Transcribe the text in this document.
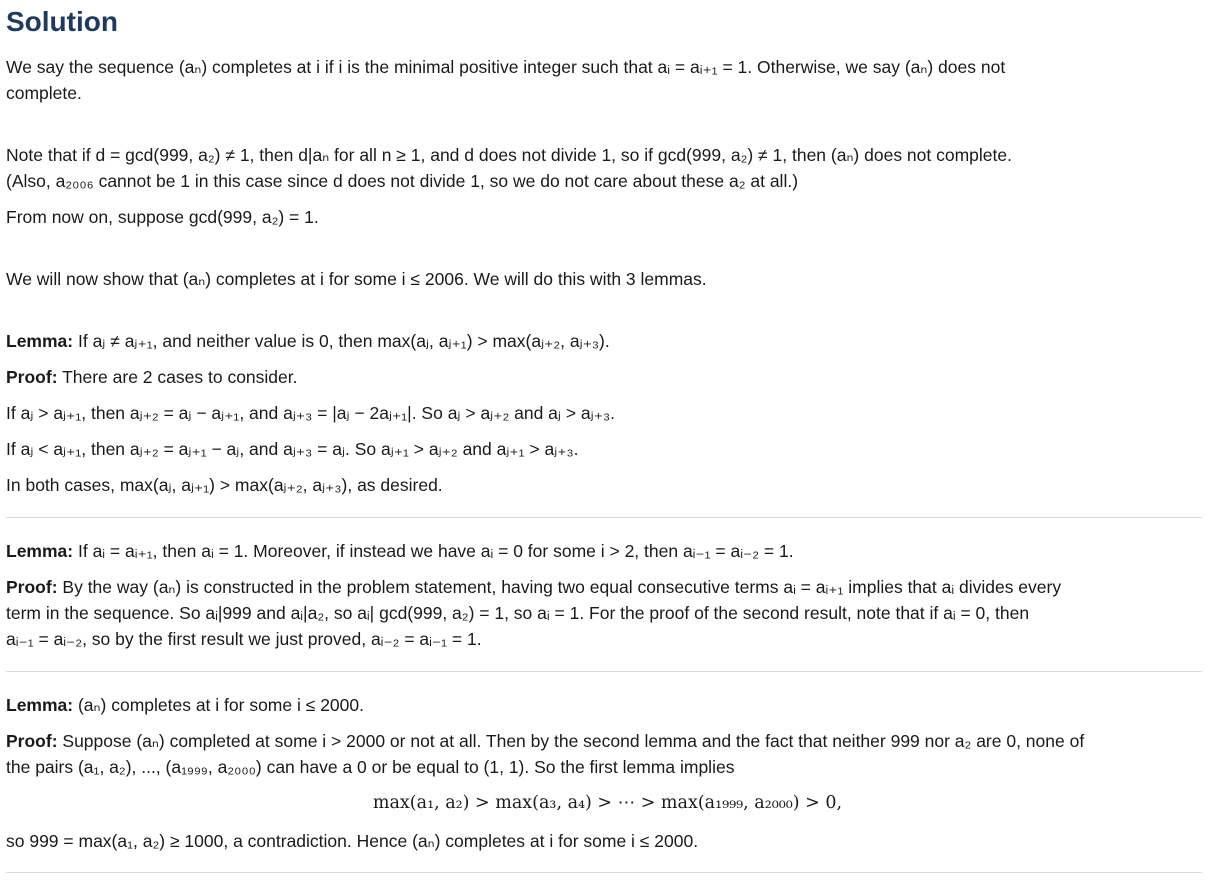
Solution

We say the sequence (aₙ) completes at i if i is the minimal positive integer such that aᵢ = aᵢ₊₁ = 1. Otherwise, we say (aₙ) does not

complete.

Note that if d = gcd(999, a₂) ≠ 1, then d|aₙ for all n ≥ 1, and d does not divide 1, so if gcd(999, a₂) ≠ 1, then (aₙ) does not complete.

(Also, a₂₀₀₆ cannot be 1 in this case since d does not divide 1, so we do not care about these a₂ at all.)

From now on, suppose gcd(999, a₂) = 1.

We will now show that (aₙ) completes at i for some i ≤ 2006. We will do this with 3 lemmas.

Lemma: If aⱼ ≠ aⱼ₊₁, and neither value is 0, then max(aⱼ, aⱼ₊₁) > max(aⱼ₊₂, aⱼ₊₃).

Proof: There are 2 cases to consider.

If aⱼ > aⱼ₊₁, then aⱼ₊₂ = aⱼ − aⱼ₊₁, and aⱼ₊₃ = |aⱼ − 2aⱼ₊₁|. So aⱼ > aⱼ₊₂ and aⱼ > aⱼ₊₃.

If aⱼ < aⱼ₊₁, then aⱼ₊₂ = aⱼ₊₁ − aⱼ, and aⱼ₊₃ = aⱼ. So aⱼ₊₁ > aⱼ₊₂ and aⱼ₊₁ > aⱼ₊₃.

In both cases, max(aⱼ, aⱼ₊₁) > max(aⱼ₊₂, aⱼ₊₃), as desired.

Lemma: If aᵢ = aᵢ₊₁, then aᵢ = 1. Moreover, if instead we have aᵢ = 0 for some i > 2, then aᵢ₋₁ = aᵢ₋₂ = 1.

Proof: By the way (aₙ) is constructed in the problem statement, having two equal consecutive terms aᵢ = aᵢ₊₁ implies that aᵢ divides every

term in the sequence. So aᵢ|999 and aᵢ|a₂, so aᵢ| gcd(999, a₂) = 1, so aᵢ = 1. For the proof of the second result, note that if aᵢ = 0, then

aᵢ₋₁ = aᵢ₋₂, so by the first result we just proved, aᵢ₋₂ = aᵢ₋₁ = 1.

Lemma: (aₙ) completes at i for some i ≤ 2000.

Proof: Suppose (aₙ) completed at some i > 2000 or not at all. Then by the second lemma and the fact that neither 999 nor a₂ are 0, none of

the pairs (a₁, a₂), ..., (a₁₉₉₉, a₂₀₀₀) can have a 0 or be equal to (1, 1). So the first lemma implies

max(a₁, a₂) > max(a₃, a₄) > ⋯ > max(a₁₉₉₉, a₂₀₀₀) > 0,

so 999 = max(a₁, a₂) ≥ 1000, a contradiction. Hence (aₙ) completes at i for some i ≤ 2000.
